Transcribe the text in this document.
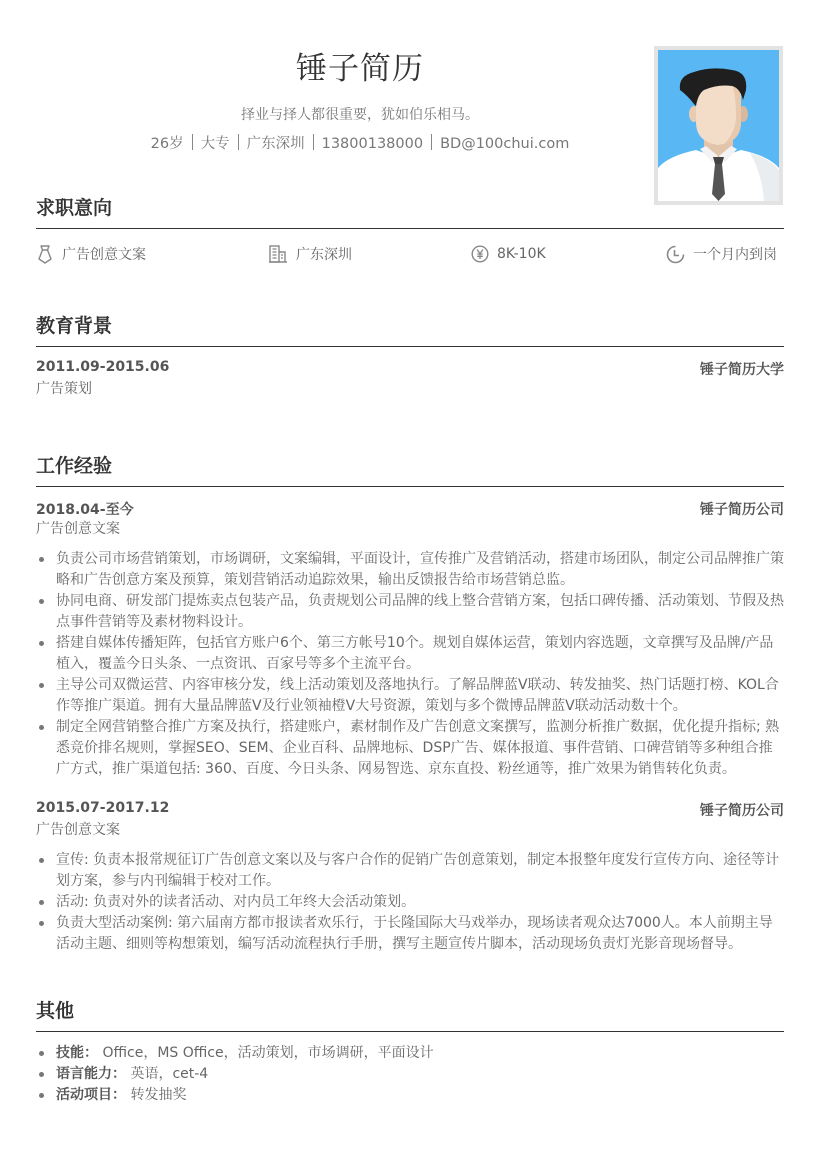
锤子简历
择业与择人都很重要，犹如伯乐相马。
26岁 大专 广东深圳 13800138000 BD@100chui.com
求职意向
广告创意文案	广东深圳	8K-10K	一个月内到岗
教育背景
2011.09-2015.06	锤子简历大学
广告策划
工作经验
2018.04-至今	锤子简历公司
广告创意文案
负责公司市场营销策划，市场调研，文案编辑，平面设计，宣传推广及营销活动，搭建市场团队，制定公司品牌推广策略和广告创意方案及预算，策划营销活动追踪效果，输出反馈报告给市场营销总监。
协同电商、研发部门提炼卖点包装产品，负责规划公司品牌的线上整合营销方案，包括口碑传播、活动策划、节假及热点事件营销等及素材物料设计。
搭建自媒体传播矩阵，包括官方账户6个、第三方帐号10个。规划自媒体运营，策划内容选题，文章撰写及品牌/产品植入，覆盖今日头条、一点资讯、百家号等多个主流平台。
主导公司双微运营、内容审核分发，线上活动策划及落地执行。了解品牌蓝V联动、转发抽奖、热门话题打榜、KOL合作等推广渠道。拥有大量品牌蓝V及行业领袖橙V大号资源，策划与多个微博品牌蓝V联动活动数十个。
制定全网营销整合推广方案及执行，搭建账户，素材制作及广告创意文案撰写，监测分析推广数据，优化提升指标; 熟悉竞价排名规则，掌握SEO、SEM、企业百科、品牌地标、DSP广告、媒体报道、事件营销、口碑营销等多种组合推广方式，推广渠道包括: 360、百度、今日头条、网易智选、京东直投、粉丝通等，推广效果为销售转化负责。
2015.07-2017.12	锤子简历公司
广告创意文案
宣传: 负责本报常规征订广告创意文案以及与客户合作的促销广告创意策划，制定本报整年度发行宣传方向、途径等计划方案，参与内刊编辑于校对工作。
活动: 负责对外的读者活动、对内员工年终大会活动策划。
负责大型活动案例: 第六届南方都市报读者欢乐行，于长隆国际大马戏举办，现场读者观众达7000人。本人前期主导活动主题、细则等构想策划，编写活动流程执行手册，撰写主题宣传片脚本，活动现场负责灯光影音现场督导。
其他
技能： Office，MS Office，活动策划，市场调研，平面设计
语言能力： 英语，cet-4
活动项目： 转发抽奖
